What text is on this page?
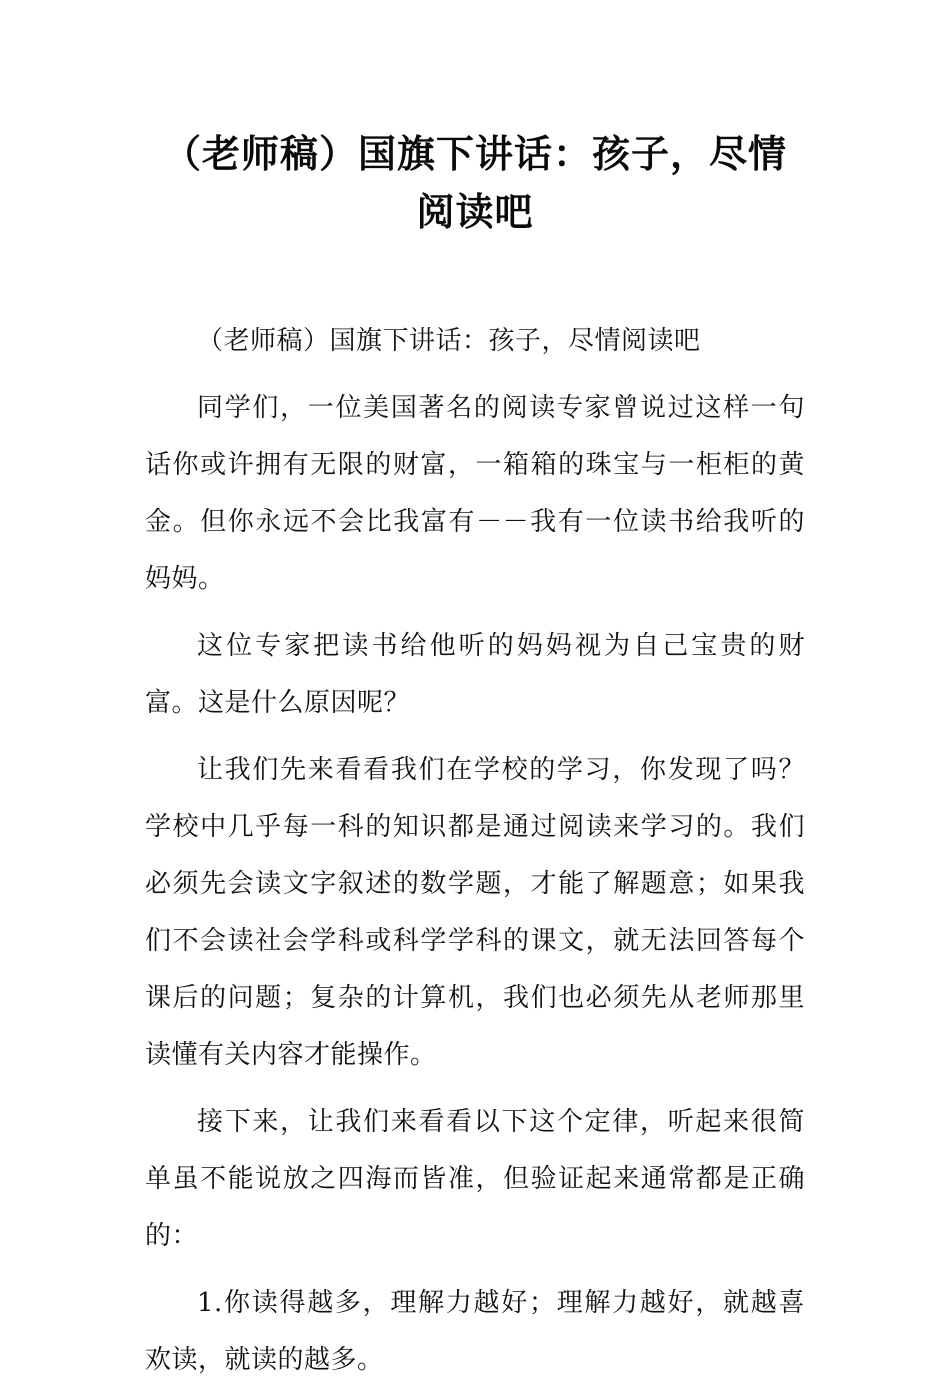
（老师稿）国旗下讲话：孩子，尽情阅读吧

（老师稿）国旗下讲话：孩子，尽情阅读吧

同学们，一位美国著名的阅读专家曾说过这样一句话你或许拥有无限的财富，一箱箱的珠宝与一柜柜的黄金。但你永远不会比我富有－－我有一位读书给我听的妈妈。

这位专家把读书给他听的妈妈视为自己宝贵的财富。这是什么原因呢？

让我们先来看看我们在学校的学习，你发现了吗？学校中几乎每一科的知识都是通过阅读来学习的。我们必须先会读文字叙述的数学题，才能了解题意；如果我们不会读社会学科或科学学科的课文，就无法回答每个课后的问题；复杂的计算机，我们也必须先从老师那里读懂有关内容才能操作。

接下来，让我们来看看以下这个定律，听起来很简单虽不能说放之四海而皆准，但验证起来通常都是正确的：

1.你读得越多，理解力越好；理解力越好，就越喜欢读，就读的越多。
